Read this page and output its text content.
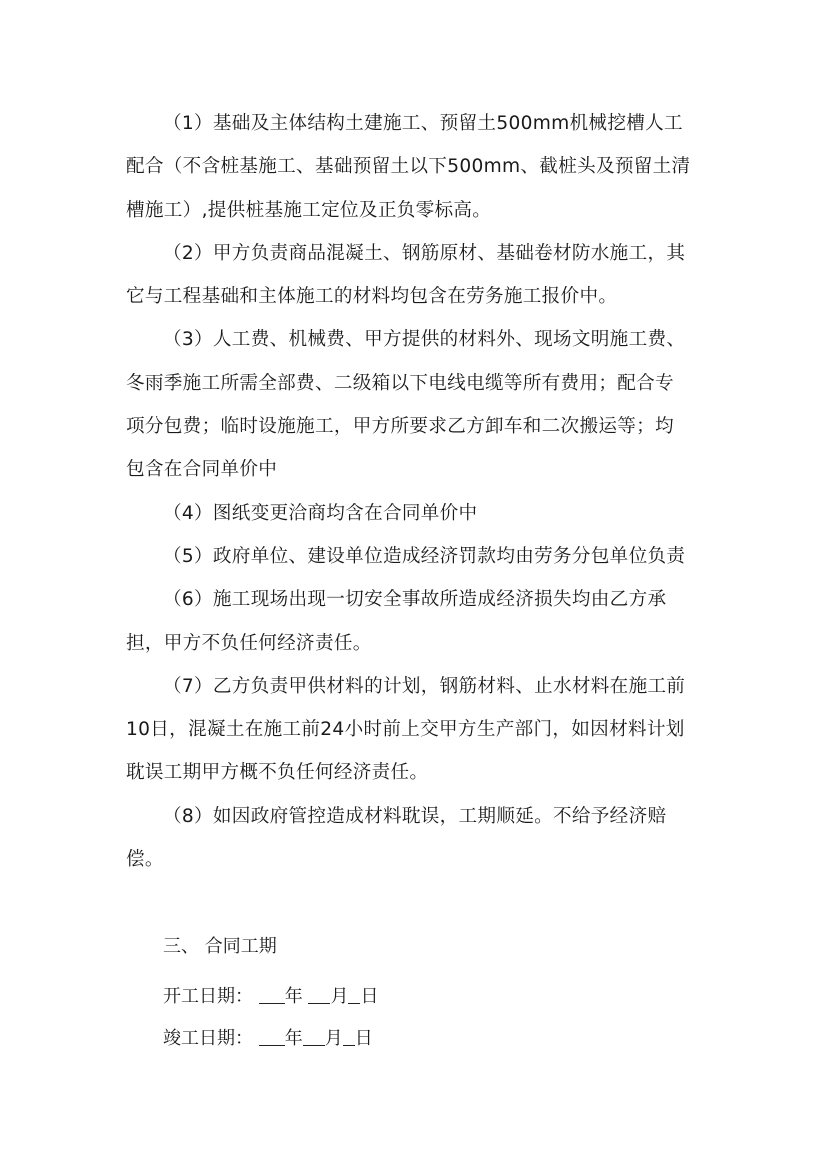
（1）基础及主体结构土建施工、预留土500mm机械挖槽人工
配合（不含桩基施工、基础预留土以下500mm、截桩头及预留土清
槽施工）,提供桩基施工定位及正负零标高。
（2）甲方负责商品混凝土、钢筋原材、基础卷材防水施工，其
它与工程基础和主体施工的材料均包含在劳务施工报价中。
（3）人工费、机械费、甲方提供的材料外、现场文明施工费、
冬雨季施工所需全部费、二级箱以下电线电缆等所有费用；配合专
项分包费；临时设施施工，甲方所要求乙方卸车和二次搬运等；均
包含在合同单价中
（4）图纸变更洽商均含在合同单价中
（5）政府单位、建设单位造成经济罚款均由劳务分包单位负责
（6）施工现场出现一切安全事故所造成经济损失均由乙方承
担，甲方不负任何经济责任。
（7）乙方负责甲供材料的计划，钢筋材料、止水材料在施工前
10日，混凝土在施工前24小时前上交甲方生产部门，如因材料计划
耽误工期甲方概不负任何经济责任。
（8）如因政府管控造成材料耽误，工期顺延。不给予经济赔
偿。
三、 合同工期
开工日期： 年 月 日
竣工日期： 年 月 日
